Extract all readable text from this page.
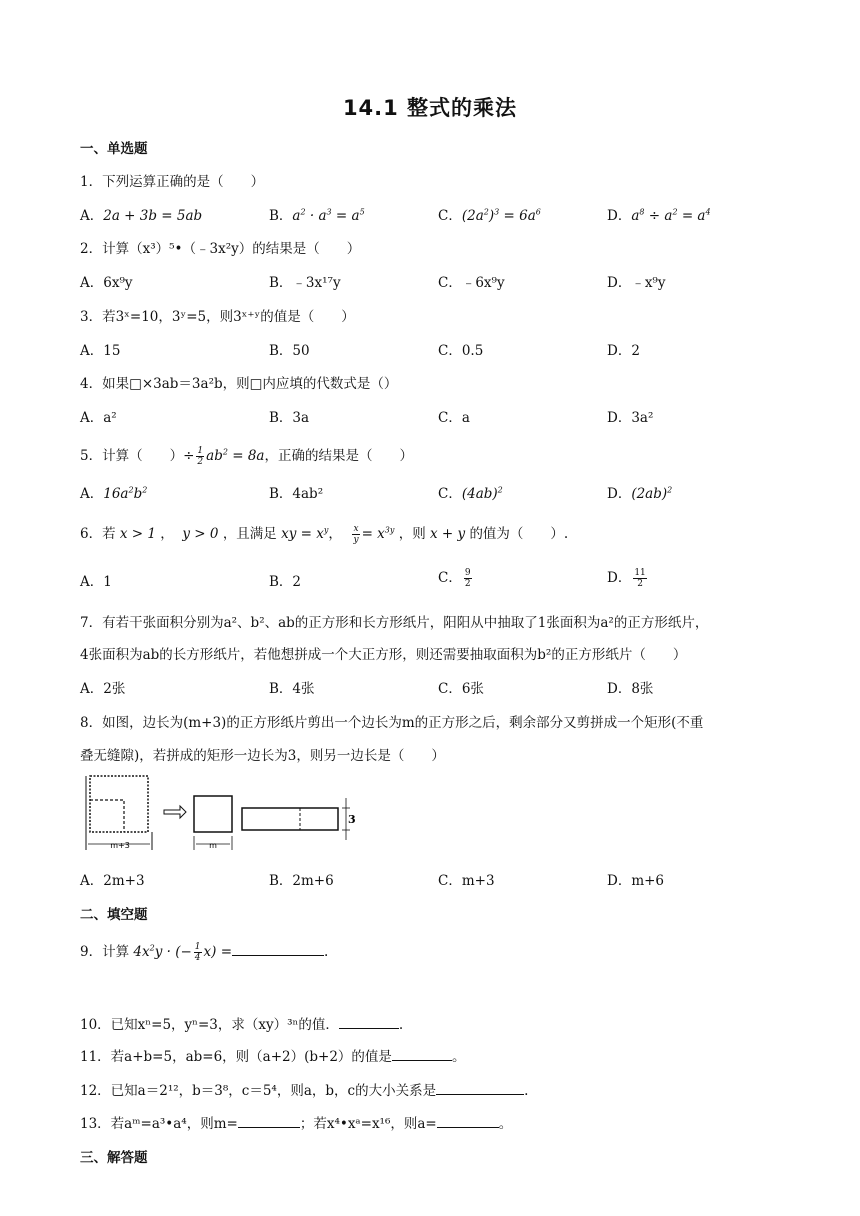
14.1 整式的乘法
一、单选题
1．下列运算正确的是（　　）
A．2a + 3b = 5ab	B．$a^2 \cdot a^3 = a^5$	C．$(2a^2)^3 = 6a^6$	D．$a^8 \div a^2 = a^4$
2．计算（x³）⁵•（﹣3x²y）的结果是（　　）
A．6x⁹y	B．﹣3x¹⁷y	C．﹣6x⁹y	D．﹣x⁹y
3．若3ˣ=10，3ʸ=5，则3ˣ⁺ʸ的值是（　　）
A．15	B．50	C．0.5	D．2
4．如果□×3ab＝3a²b，则□内应填的代数式是（）
A．a²	B．3a	C．a	D．3a²
5．计算（　　）÷ $\frac{1}{2} ab^2 = 8a$，正确的结果是（　　）
A．$16a^2b^2$	B．4ab²	C．$(4ab)^2$	D．$(2ab)^2$
6．若 x > 1 ， y > 0 ，且满足 xy = $x^y$， $\frac{x}{y} = x^{3y}$ ，则 x + y 的值为（　　）.
A．1	B．2	C． $\frac{9}{2}$	D． $\frac{11}{2}$
7．有若干张面积分别为a²、b²、ab的正方形和长方形纸片，阳阳从中抽取了1张面积为a²的正方形纸片，
4张面积为ab的长方形纸片，若他想拼成一个大正方形，则还需要抽取面积为b²的正方形纸片（　　）
A．2张	B．4张	C．6张	D．8张
8．如图，边长为(m+3)的正方形纸片剪出一个边长为m的正方形之后，剩余部分又剪拼成一个矩形(不重
叠无缝隙)，若拼成的矩形一边长为3，则另一边长是（　　）
m+3	m
3
A．2m+3	B．2m+6	C．m+3	D．m+6
二、填空题
9．计算 $4x^2y$ · (− $\frac{1}{4} x$) =	.
10．已知xⁿ=5，yⁿ=3，求（xy）³ⁿ的值．	.
11．若a+b=5，ab=6，则（a+2）(b+2）的值是	。
12．已知a＝2¹²，b＝3⁸，c＝5⁴，则a，b，c的大小关系是	.
13．若aᵐ=a³•a⁴，则m=	；若x⁴•xᵃ=x¹⁶，则a=	。
三、解答题
